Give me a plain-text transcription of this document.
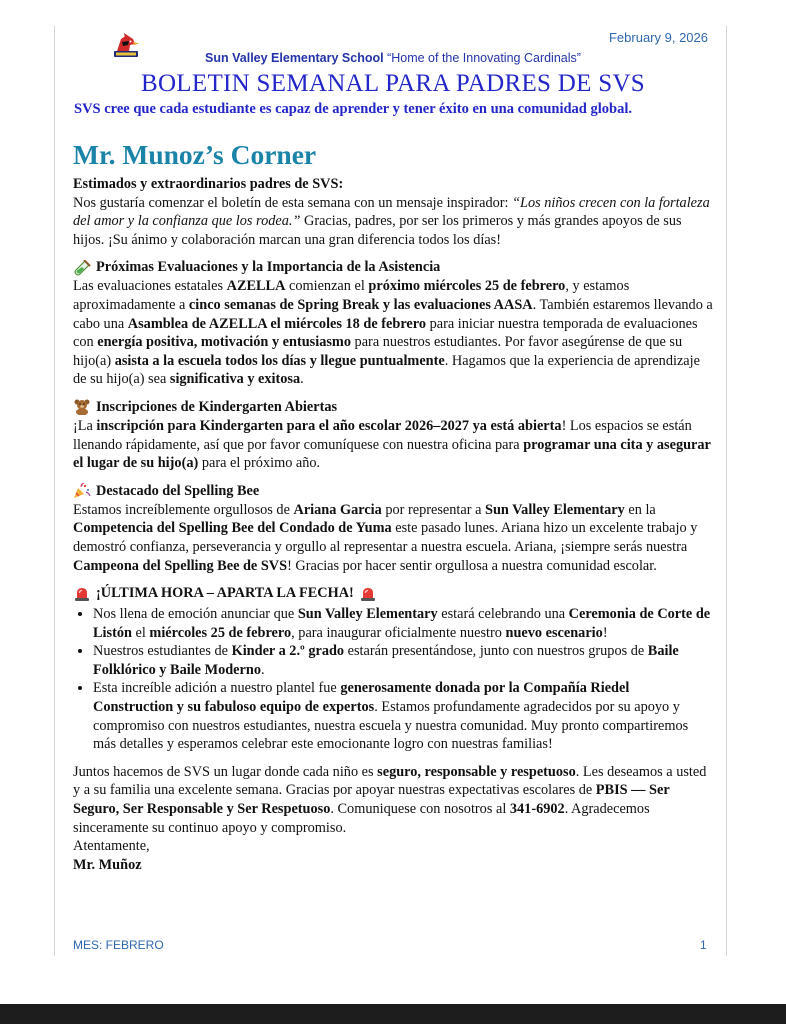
February 9, 2026
Sun Valley Elementary School “Home of the Innovating Cardinals”
BOLETIN SEMANAL PARA PADRES DE SVS
SVS cree que cada estudiante es capaz de aprender y tener éxito en una comunidad global.
Mr. Munoz’s Corner

Estimados y extraordinarios padres de SVS:

Nos gustaría comenzar el boletín de esta semana con un mensaje inspirador: “Los niños crecen con la fortaleza del amor y la confianza que los rodea.” Gracias, padres, por ser los primeros y más grandes apoyos de sus hijos. ¡Su ánimo y colaboración marcan una gran diferencia todos los días!

Próximas Evaluaciones y la Importancia de la Asistencia

Las evaluaciones estatales AZELLA comienzan el próximo miércoles 25 de febrero, y estamos aproximadamente a cinco semanas de Spring Break y las evaluaciones AASA. También estaremos llevando a cabo una Asamblea de AZELLA el miércoles 18 de febrero para iniciar nuestra temporada de evaluaciones con energía positiva, motivación y entusiasmo para nuestros estudiantes. Por favor asegúrense de que su hijo(a) asista a la escuela todos los días y llegue puntualmente. Hagamos que la experiencia de aprendizaje de su hijo(a) sea significativa y exitosa.

Inscripciones de Kindergarten Abiertas

¡La inscripción para Kindergarten para el año escolar 2026–2027 ya está abierta! Los espacios se están llenando rápidamente, así que por favor comuníquese con nuestra oficina para programar una cita y asegurar el lugar de su hijo(a) para el próximo año.

Destacado del Spelling Bee

Estamos increíblemente orgullosos de Ariana Garcia por representar a Sun Valley Elementary en la Competencia del Spelling Bee del Condado de Yuma este pasado lunes. Ariana hizo un excelente trabajo y demostró confianza, perseverancia y orgullo al representar a nuestra escuela. Ariana, ¡siempre serás nuestra Campeona del Spelling Bee de SVS! Gracias por hacer sentir orgullosa a nuestra comunidad escolar.

¡ÚLTIMA HORA – APARTA LA FECHA!
• Nos llena de emoción anunciar que Sun Valley Elementary estará celebrando una Ceremonia de Corte de Listón el miércoles 25 de febrero, para inaugurar oficialmente nuestro nuevo escenario!
• Nuestros estudiantes de Kinder a 2.º grado estarán presentándose, junto con nuestros grupos de Baile Folklórico y Baile Moderno.
• Esta increíble adición a nuestro plantel fue generosamente donada por la Compañía Riedel Construction y su fabuloso equipo de expertos. Estamos profundamente agradecidos por su apoyo y compromiso con nuestros estudiantes, nuestra escuela y nuestra comunidad. Muy pronto compartiremos más detalles y esperamos celebrar este emocionante logro con nuestras familias!

Juntos hacemos de SVS un lugar donde cada niño es seguro, responsable y respetuoso. Les deseamos a usted y a su familia una excelente semana. Gracias por apoyar nuestras expectativas escolares de PBIS — Ser Seguro, Ser Responsable y Ser Respetuoso. Comuniquese con nosotros al 341-6902. Agradecemos sinceramente su continuo apoyo y compromiso.

Atentamente,

Mr. Muñoz

MES: FEBRERO	1
